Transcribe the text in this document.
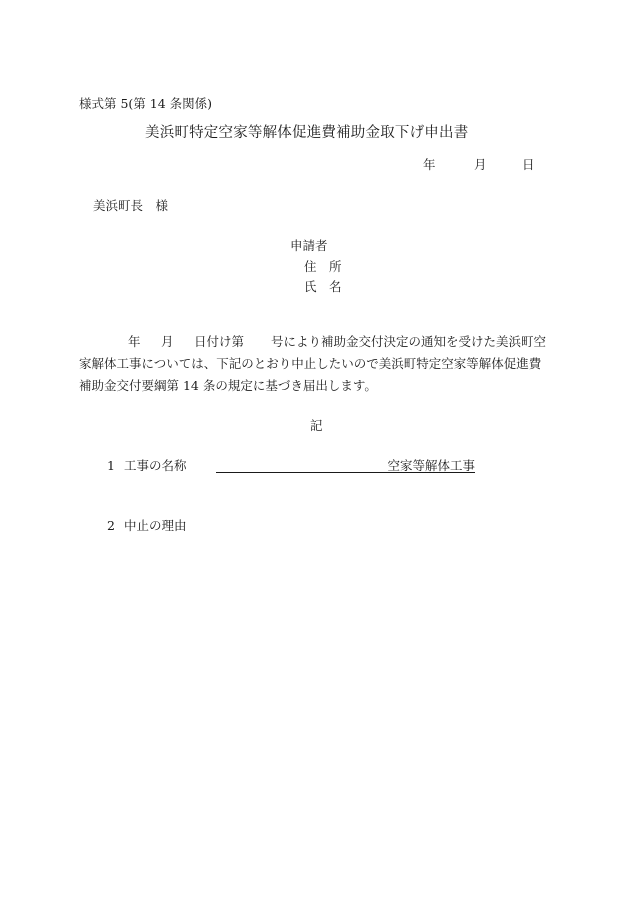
様式第 5(第 14 条関係)
美浜町特定空家等解体促進費補助金取下げ申出書
年	月	日
美浜町長　様
申請者
住　所
氏　名
年 月 日付け第 号により補助金交付決定の通知を受けた美浜町空
家解体工事については、下記のとおり中止したいので美浜町特定空家等解体促進費
補助金交付要綱第 14 条の規定に基づき届出します。
記
1 工事の名称	空家等解体工事
2 中止の理由
